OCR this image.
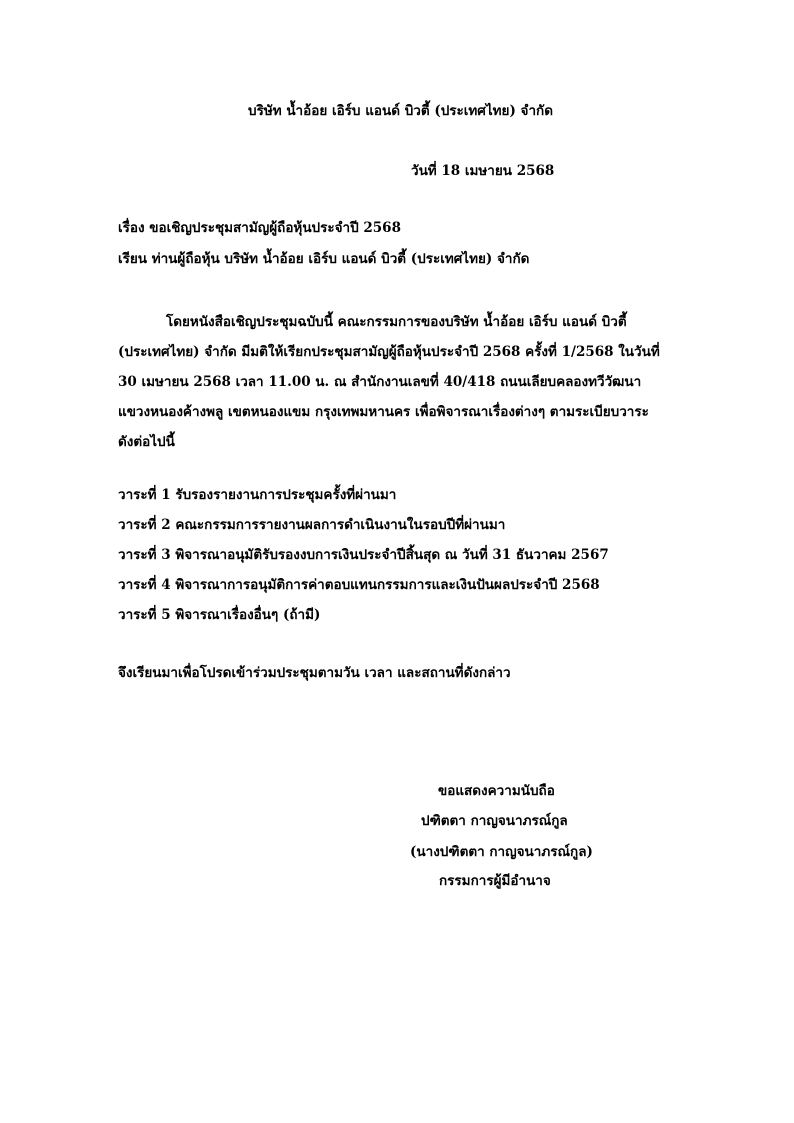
บริษัท น้ำอ้อย เอิร์บ แอนด์ บิวตี้ (ประเทศไทย) จำกัด
วันที่ 18 เมษายน 2568
เรื่อง ขอเชิญประชุมสามัญผู้ถือหุ้นประจำปี 2568
เรียน ท่านผู้ถือหุ้น บริษัท น้ำอ้อย เอิร์บ แอนด์ บิวตี้ (ประเทศไทย) จำกัด
โดยหนังสือเชิญประชุมฉบับนี้ คณะกรรมการของบริษัท น้ำอ้อย เอิร์บ แอนด์ บิวตี้
(ประเทศไทย) จำกัด มีมติให้เรียกประชุมสามัญผู้ถือหุ้นประจำปี 2568 ครั้งที่ 1/2568 ในวันที่
30 เมษายน 2568 เวลา 11.00 น. ณ สำนักงานเลขที่ 40/418 ถนนเลียบคลองทวีวัฒนา
แขวงหนองค้างพลู เขตหนองแขม กรุงเทพมหานคร เพื่อพิจารณาเรื่องต่างๆ ตามระเบียบวาระ
ดังต่อไปนี้
วาระที่ 1 รับรองรายงานการประชุมครั้งที่ผ่านมา
วาระที่ 2 คณะกรรมการรายงานผลการดำเนินงานในรอบปีที่ผ่านมา
วาระที่ 3 พิจารณาอนุมัติรับรองงบการเงินประจำปีสิ้นสุด ณ วันที่ 31 ธันวาคม 2567
วาระที่ 4 พิจารณาการอนุมัติการค่าตอบแทนกรรมการและเงินปันผลประจำปี 2568
วาระที่ 5 พิจารณาเรื่องอื่นๆ (ถ้ามี)
จึงเรียนมาเพื่อโปรดเข้าร่วมประชุมตามวัน เวลา และสถานที่ดังกล่าว
ขอแสดงความนับถือ
ปฑิตตา กาญจนาภรณ์กูล
(นางปฑิตตา กาญจนาภรณ์กูล)
กรรมการผู้มีอำนาจ
